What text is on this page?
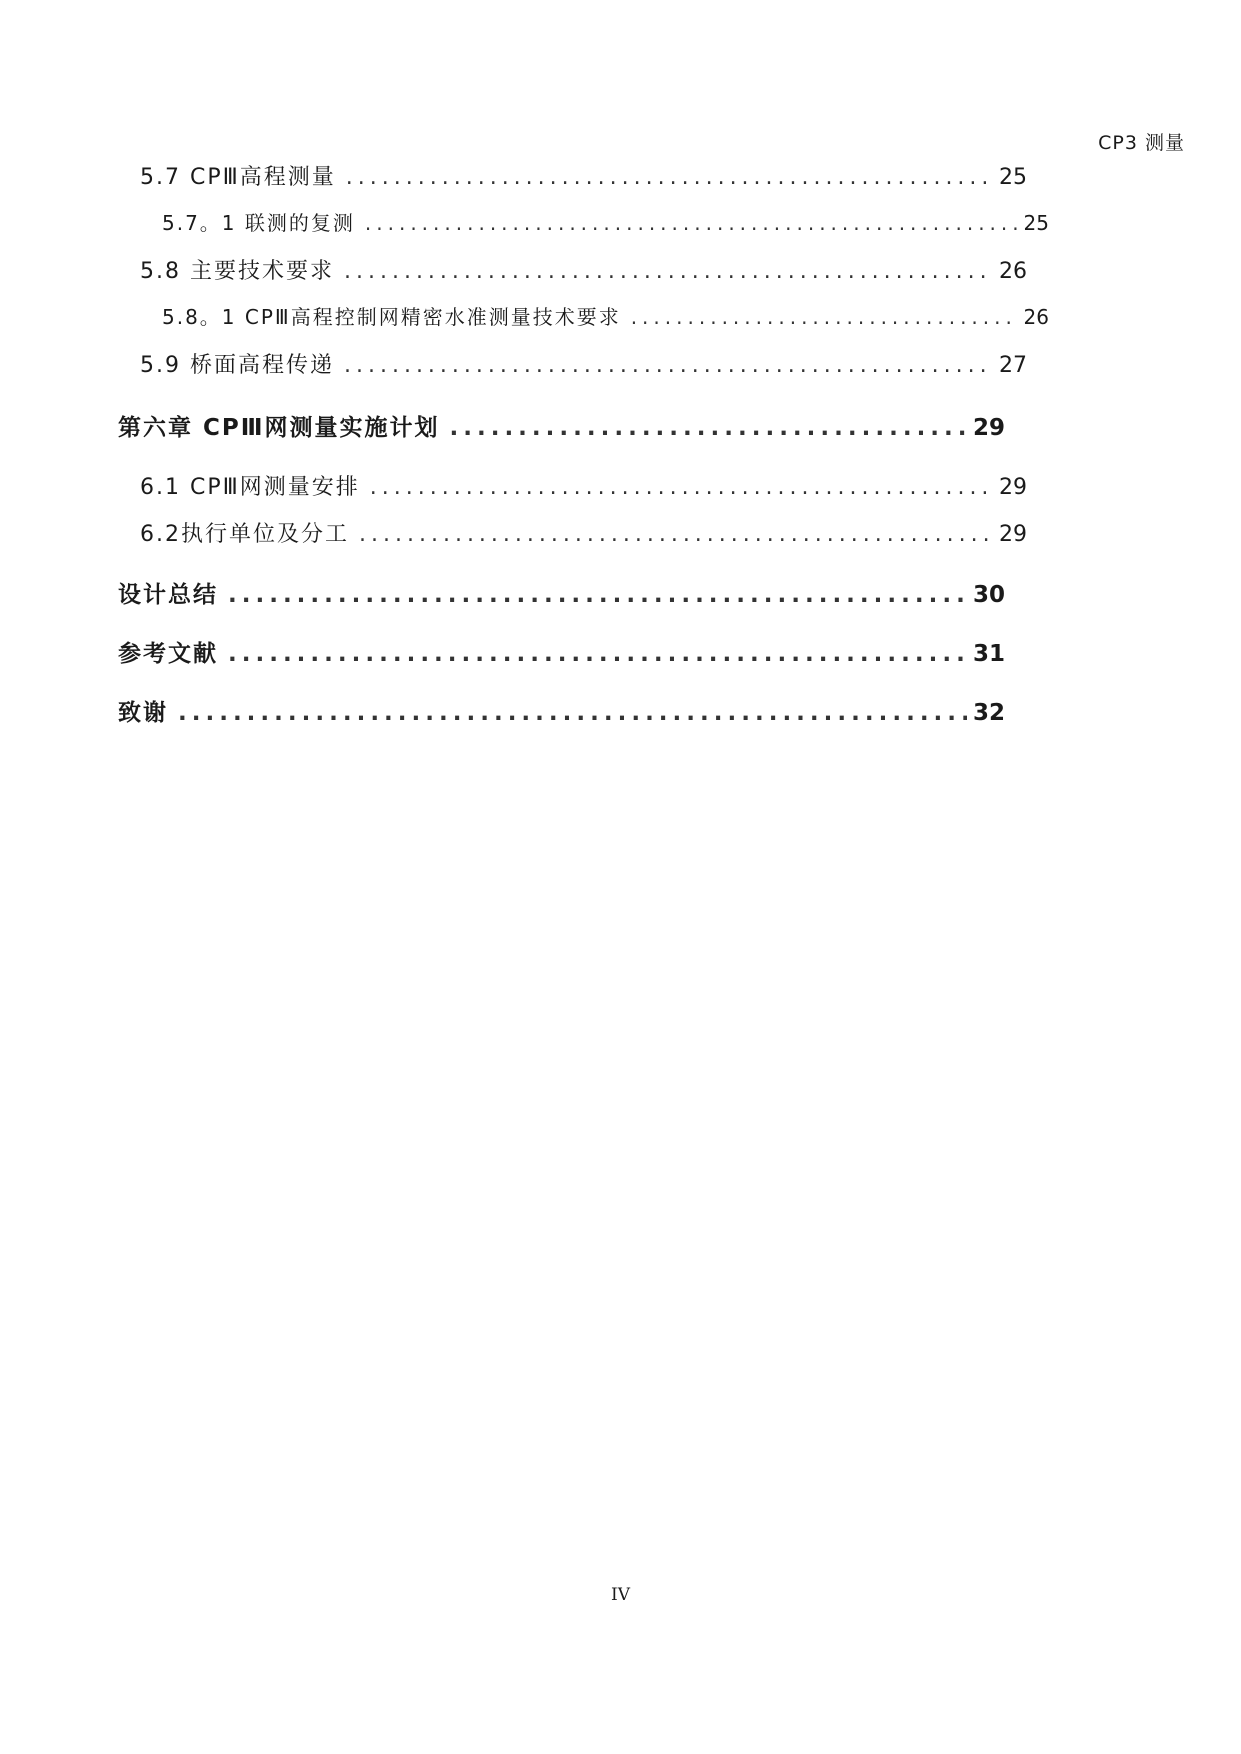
CP3 测量
5.7 CPⅢ高程测量 .....	25
5.7。1 联测的复测 .....	25
5.8 主要技术要求 .....	26
5.8。1 CPⅢ高程控制网精密水准测量技术要求 .....	26
5.9 桥面高程传递 .....	27
第六章 CPⅢ网测量实施计划 .....	29
6.1 CPⅢ网测量安排 .....	29
6.2执行单位及分工 .....	29
设计总结 .....	30
参考文献 .....	31
致谢 .....	32
IV
